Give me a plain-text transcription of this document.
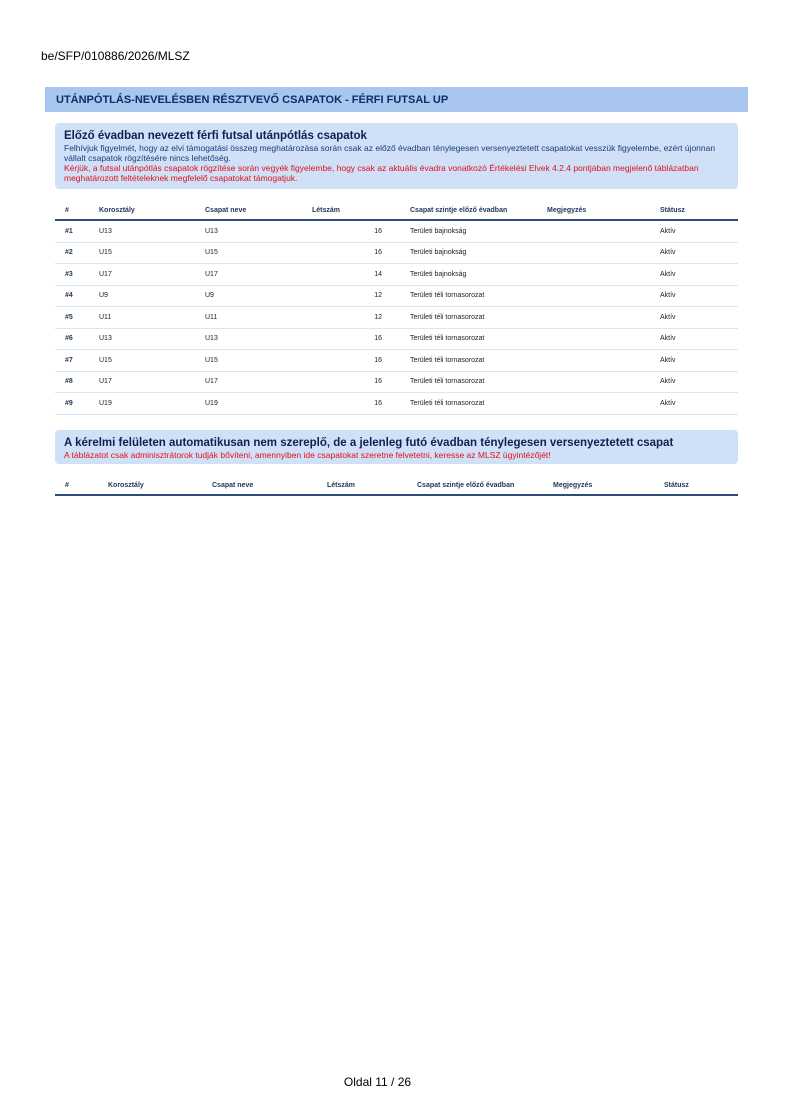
be/SFP/010886/2026/MLSZ
UTÁNPÓTLÁS-NEVELÉSBEN RÉSZTVEVŐ CSAPATOK - FÉRFI FUTSAL UP
Előző évadban nevezett férfi futsal utánpótlás csapatok
Felhívjuk figyelmét, hogy az elvi támogatási összeg meghatározása során csak az előző évadban ténylegesen versenyeztetett csapatokat vesszük figyelembe, ezért újonnan vállalt csapatok rögzítésére nincs lehetőség.
Kérjük, a futsal utánpótlás csapatok rögzítése során vegyék figyelembe, hogy csak az aktuális évadra vonatkozó Értékelési Elvek 4.2.4 pontjában megjelenő táblázatban meghatározott feltételeknek megfelelő csapatokat támogatjuk.
#	Korosztály	Csapat neve	Létszám	Csapat szintje előző évadban	Megjegyzés	Státusz
#1	U13	U13	16	Területi bajnokság		Aktív
#2	U15	U15	16	Területi bajnokság		Aktív
#3	U17	U17	14	Területi bajnokság		Aktív
#4	U9	U9	12	Területi téli tornasorozat		Aktív
#5	U11	U11	12	Területi téli tornasorozat		Aktív
#6	U13	U13	16	Területi téli tornasorozat		Aktív
#7	U15	U15	16	Területi téli tornasorozat		Aktív
#8	U17	U17	16	Területi téli tornasorozat		Aktív
#9	U19	U19	16	Területi téli tornasorozat		Aktív
A kérelmi felületen automatikusan nem szereplő, de a jelenleg futó évadban ténylegesen versenyeztetett csapat
A táblázatot csak adminisztrátorok tudják bővíteni, amennyiben ide csapatokat szeretne felvetetni, keresse az MLSZ ügyintézőjét!
#	Korosztály	Csapat neve	Létszám	Csapat szintje előző évadban	Megjegyzés	Státusz
Oldal 11 / 26
